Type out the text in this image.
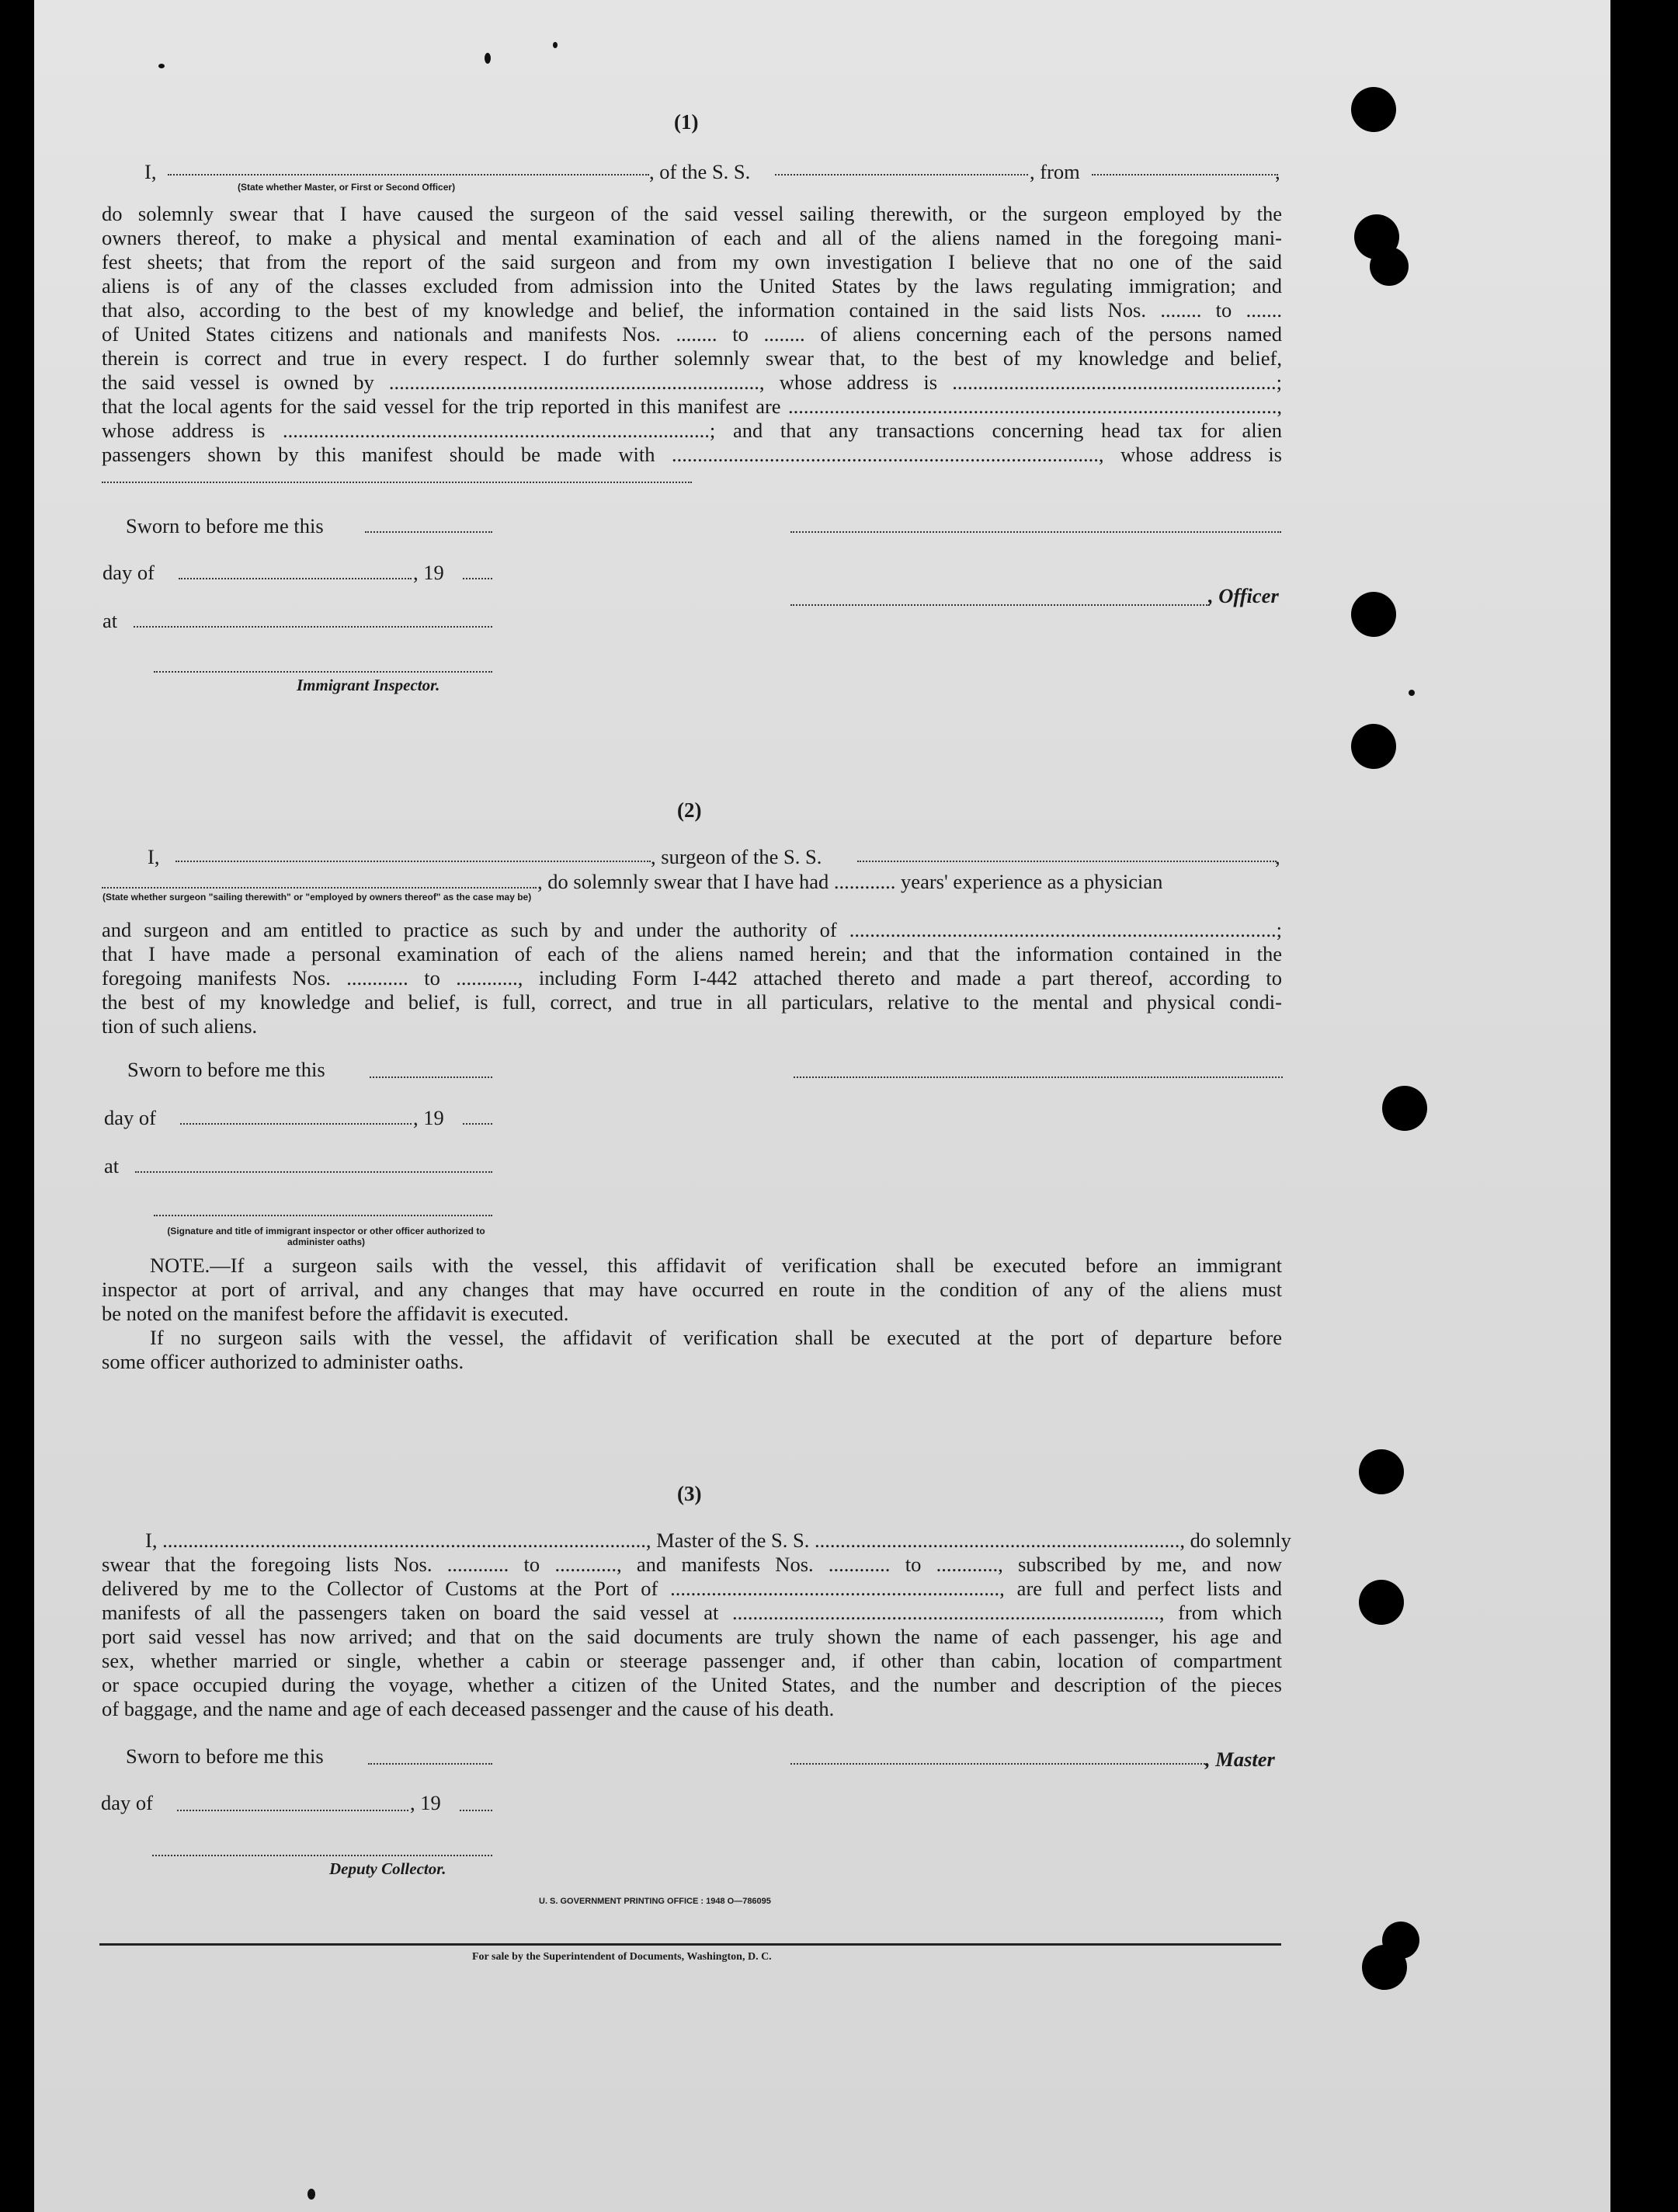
(1)
I,
(State whether Master, or First or Second Officer)
, of the S. S.	, from	,
do solemnly swear that I have caused the surgeon of the said vessel sailing therewith, or the surgeon employed by the
owners thereof, to make a physical and mental examination of each and all of the aliens named in the foregoing mani-
fest sheets; that from the report of the said surgeon and from my own investigation I believe that no one of the said
aliens is of any of the classes excluded from admission into the United States by the laws regulating immigration; and
that also, according to the best of my knowledge and belief, the information contained in the said lists Nos. ........ to .......
of United States citizens and nationals and manifests Nos. ........ to ........ of aliens concerning each of the persons named
therein is correct and true in every respect. I do further solemnly swear that, to the best of my knowledge and belief,
the said vessel is owned by ........................................................................, whose address is ...............................................................;
that the local agents for the said vessel for the trip reported in this manifest are ...............................................................................................,
whose address is ...................................................................................; and that any transactions concerning head tax for alien
passengers shown by this manifest should be made with ..................................................................................., whose address is
Sworn to before me this
day of	, 19
, Officer
at
Immigrant Inspector.
(2)
I,	, surgeon of the S. S.	,
, do solemnly swear that I have had ............ years' experience as a physician
(State whether surgeon "sailing therewith" or "employed by owners thereof" as the case may be)
and surgeon and am entitled to practice as such by and under the authority of ...................................................................................;
that I have made a personal examination of each of the aliens named herein; and that the information contained in the
foregoing manifests Nos. ............ to ............, including Form I-442 attached thereto and made a part thereof, according to
the best of my knowledge and belief, is full, correct, and true in all particulars, relative to the mental and physical condi-
tion of such aliens.
Sworn to before me this
day of	, 19
at
(Signature and title of immigrant inspector or other officer authorized to administer oaths)
NOTE.—If a surgeon sails with the vessel, this affidavit of verification shall be executed before an immigrant
inspector at port of arrival, and any changes that may have occurred en route in the condition of any of the aliens must
be noted on the manifest before the affidavit is executed.
If no surgeon sails with the vessel, the affidavit of verification shall be executed at the port of departure before
some officer authorized to administer oaths.
(3)
I, .............................................................................................., Master of the S. S. ......................................................................., do solemnly
swear that the foregoing lists Nos. ............ to ............, and manifests Nos. ............ to ............, subscribed by me, and now
delivered by me to the Collector of Customs at the Port of ................................................................, are full and perfect lists and
manifests of all the passengers taken on board the said vessel at ..................................................................................., from which
port said vessel has now arrived; and that on the said documents are truly shown the name of each passenger, his age and
sex, whether married or single, whether a cabin or steerage passenger and, if other than cabin, location of compartment
or space occupied during the voyage, whether a citizen of the United States, and the number and description of the pieces
of baggage, and the name and age of each deceased passenger and the cause of his death.
Sworn to before me this	, Master
day of	, 19
Deputy Collector.
U. S. GOVERNMENT PRINTING OFFICE : 1948 O—786095
For sale by the Superintendent of Documents, Washington, D. C.
